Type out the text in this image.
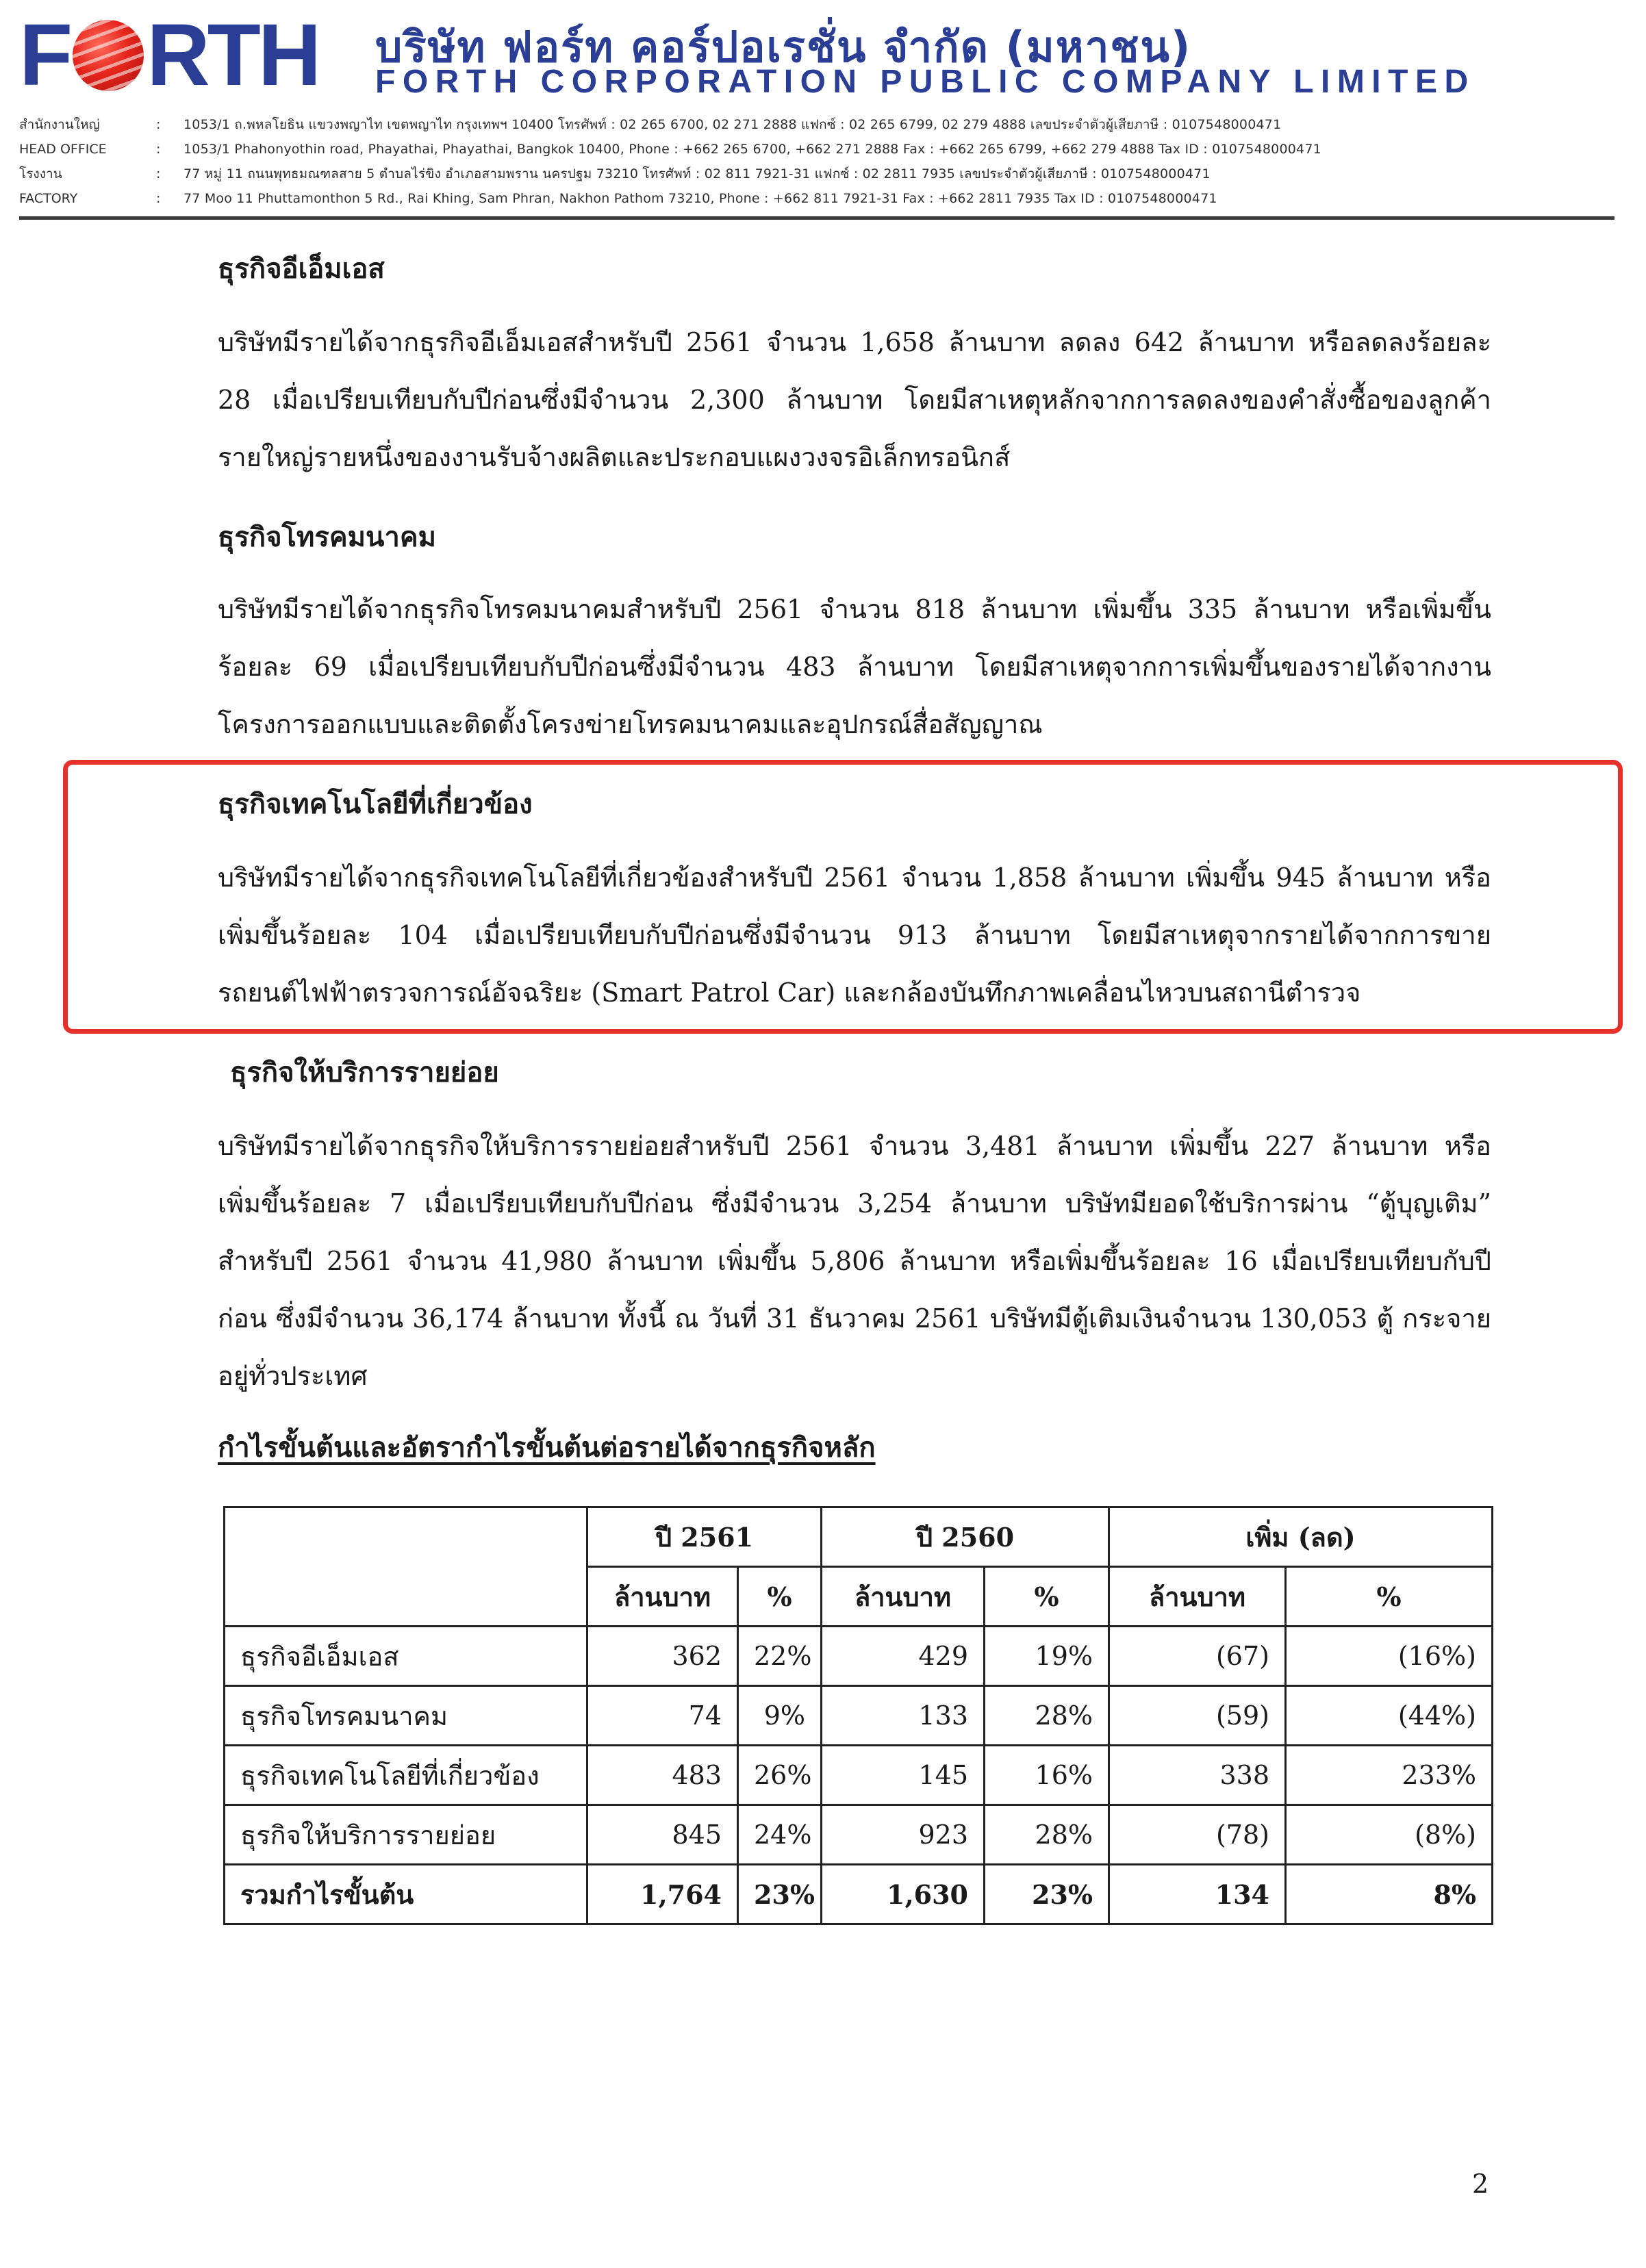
F RTH บริษัท ฟอร์ท คอร์ปอเรชั่น จำกัด (มหาชน)
FORTH CORPORATION PUBLIC COMPANY LIMITED
สำนักงานใหญ่	:	1053/1 ถ.พหลโยธิน แขวงพญาไท เขตพญาไท กรุงเทพฯ 10400 โทรศัพท์ : 02 265 6700, 02 271 2888 แฟกซ์ : 02 265 6799, 02 279 4888 เลขประจำตัวผู้เสียภาษี : 0107548000471
HEAD OFFICE	:	1053/1 Phahonyothin road, Phayathai, Phayathai, Bangkok 10400, Phone : +662 265 6700, +662 271 2888 Fax : +662 265 6799, +662 279 4888 Tax ID : 0107548000471
โรงงาน	:	77 หมู่ 11 ถนนพุทธมณฑลสาย 5 ตำบลไร่ขิง อำเภอสามพราน นครปฐม 73210 โทรศัพท์ : 02 811 7921-31 แฟกซ์ : 02 2811 7935 เลขประจำตัวผู้เสียภาษี : 0107548000471
FACTORY	:	77 Moo 11 Phuttamonthon 5 Rd., Rai Khing, Sam Phran, Nakhon Pathom 73210, Phone : +662 811 7921-31 Fax : +662 2811 7935 Tax ID : 0107548000471
ธุรกิจอีเอ็มเอส
บริษัทมีรายได้จากธุรกิจอีเอ็มเอสสำหรับปี 2561 จำนวน 1,658 ล้านบาท ลดลง 642 ล้านบาท หรือลดลงร้อยละ
28 เมื่อเปรียบเทียบกับปีก่อนซึ่งมีจำนวน 2,300 ล้านบาท โดยมีสาเหตุหลักจากการลดลงของคำสั่งซื้อของลูกค้า
รายใหญ่รายหนึ่งของงานรับจ้างผลิตและประกอบแผงวงจรอิเล็กทรอนิกส์
ธุรกิจโทรคมนาคม
บริษัทมีรายได้จากธุรกิจโทรคมนาคมสำหรับปี 2561 จำนวน 818 ล้านบาท เพิ่มขึ้น 335 ล้านบาท หรือเพิ่มขึ้น
ร้อยละ 69 เมื่อเปรียบเทียบกับปีก่อนซึ่งมีจำนวน 483 ล้านบาท โดยมีสาเหตุจากการเพิ่มขึ้นของรายได้จากงาน
โครงการออกแบบและติดตั้งโครงข่ายโทรคมนาคมและอุปกรณ์สื่อสัญญาณ
ธุรกิจเทคโนโลยีที่เกี่ยวข้อง
บริษัทมีรายได้จากธุรกิจเทคโนโลยีที่เกี่ยวข้องสำหรับปี 2561 จำนวน 1,858 ล้านบาท เพิ่มขึ้น 945 ล้านบาท หรือ
เพิ่มขึ้นร้อยละ 104 เมื่อเปรียบเทียบกับปีก่อนซึ่งมีจำนวน 913 ล้านบาท โดยมีสาเหตุจากรายได้จากการขาย
รถยนต์ไฟฟ้าตรวจการณ์อัจฉริยะ (Smart Patrol Car) และกล้องบันทึกภาพเคลื่อนไหวบนสถานีตำรวจ
ธุรกิจให้บริการรายย่อย
บริษัทมีรายได้จากธุรกิจให้บริการรายย่อยสำหรับปี 2561 จำนวน 3,481 ล้านบาท เพิ่มขึ้น 227 ล้านบาท หรือ
เพิ่มขึ้นร้อยละ 7 เมื่อเปรียบเทียบกับปีก่อน ซึ่งมีจำนวน 3,254 ล้านบาท บริษัทมียอดใช้บริการผ่าน “ตู้บุญเติม”
สำหรับปี 2561 จำนวน 41,980 ล้านบาท เพิ่มขึ้น 5,806 ล้านบาท หรือเพิ่มขึ้นร้อยละ 16 เมื่อเปรียบเทียบกับปี
ก่อน ซึ่งมีจำนวน 36,174 ล้านบาท ทั้งนี้ ณ วันที่ 31 ธันวาคม 2561 บริษัทมีตู้เติมเงินจำนวน 130,053 ตู้ กระจาย
อยู่ทั่วประเทศ
กำไรขั้นต้นและอัตรากำไรขั้นต้นต่อรายได้จากธุรกิจหลัก
	ปี 2561		ปี 2560		เพิ่ม (ลด)	
	ล้านบาท	%	ล้านบาท	%	ล้านบาท	%
ธุรกิจอีเอ็มเอส	362	22%	429	19%	(67)	(16%)
ธุรกิจโทรคมนาคม	74	9%	133	28%	(59)	(44%)
ธุรกิจเทคโนโลยีที่เกี่ยวข้อง	483	26%	145	16%	338	233%
ธุรกิจให้บริการรายย่อย	845	24%	923	28%	(78)	(8%)
รวมกำไรขั้นต้น	1,764	23%	1,630	23%	134	8%
2
